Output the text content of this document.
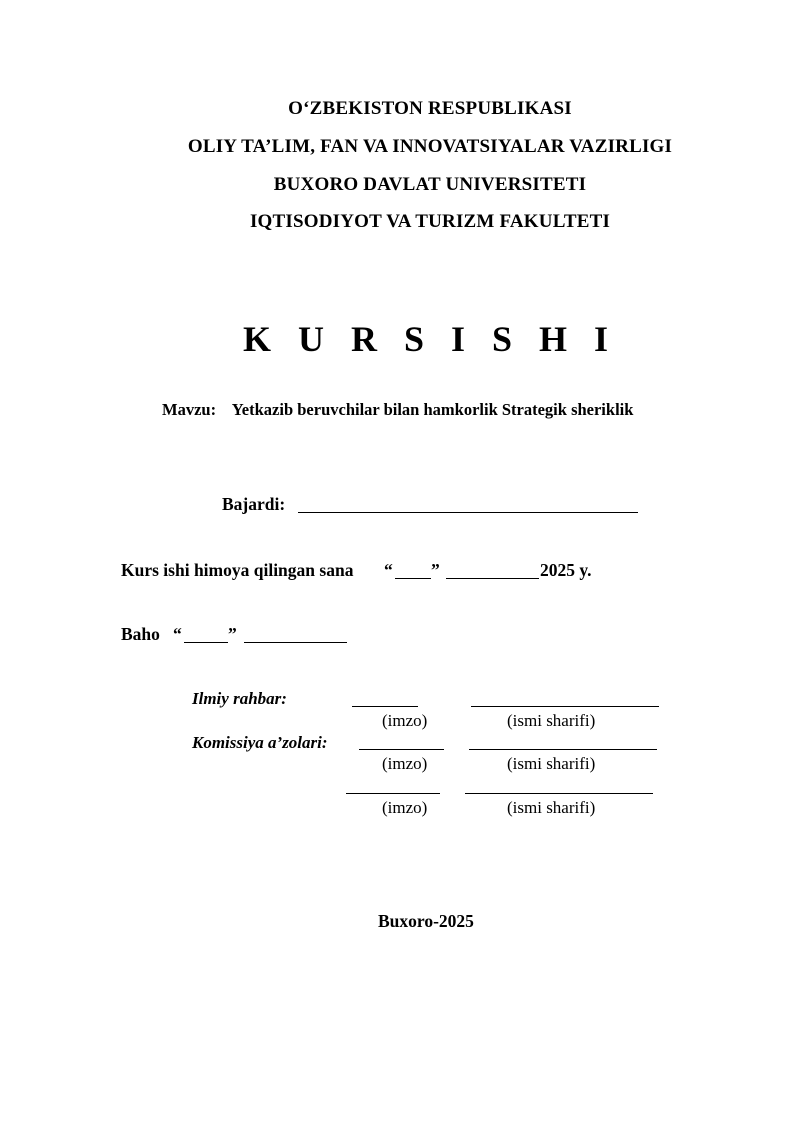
O‘ZBEKISTON RESPUBLIKASI
OLIY TA’LIM, FAN VA INNOVATSIYALAR VAZIRLIGI
BUXORO DAVLAT UNIVERSITETI
IQTISODIYOT VA TURIZM FAKULTETI
K U R S I S H I
Mavzu: Yetkazib beruvchilar bilan hamkorlik Strategik sheriklik
Bajardi:
Kurs ishi himoya qilingan sana “ ”	2025 y.
Baho “	”
Ilmiy rahbar:
(imzo)	(ismi sharifi)
Komissiya a’zolari:
(imzo)	(ismi sharifi)
(imzo)	(ismi sharifi)
Buxoro-2025
